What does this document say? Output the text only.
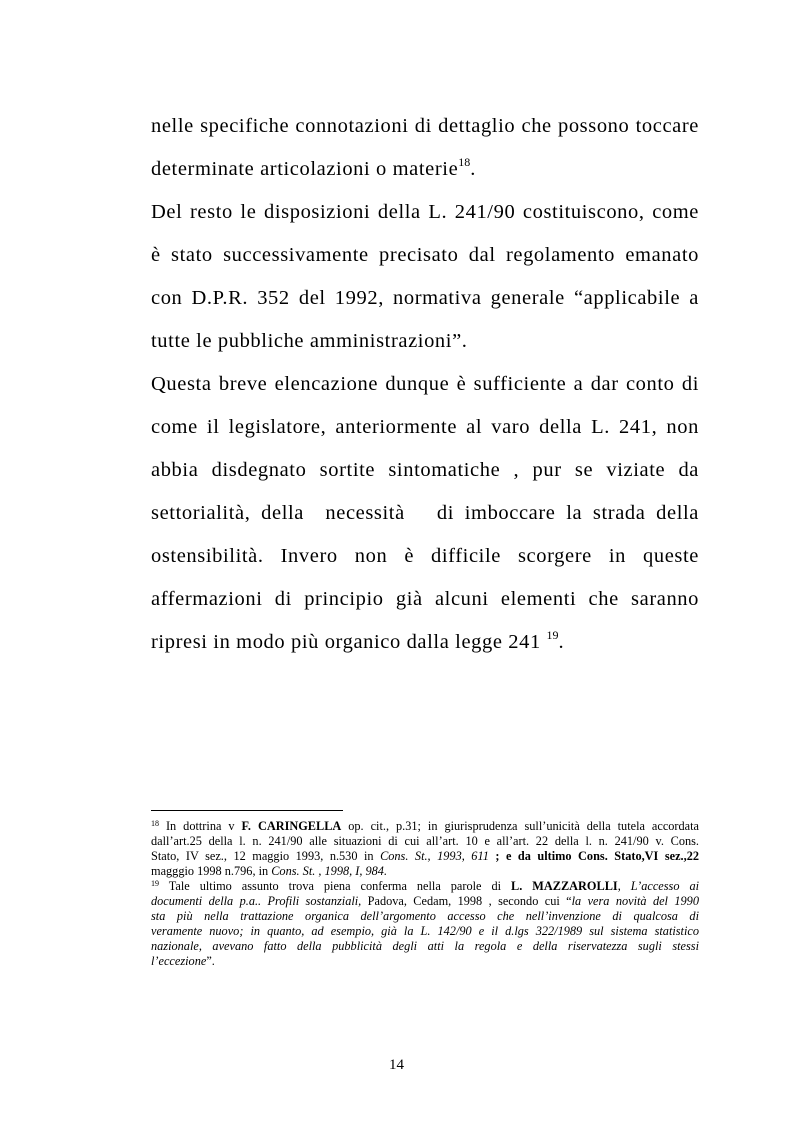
nelle specifiche connotazioni di dettaglio che possono toccare
determinate articolazioni o materie$^{18}$.
Del resto le disposizioni della L. 241/90 costituiscono, come
è stato successivamente precisato dal regolamento emanato
con D.P.R. 352 del 1992, normativa generale “applicabile a
tutte le pubbliche amministrazioni”.
Questa breve elencazione dunque è sufficiente a dar conto di
come il legislatore, anteriormente al varo della L. 241, non
abbia disdegnato sortite sintomatiche , pur se viziate da
settorialità, della  necessità   di imboccare la strada della
ostensibilità. Invero non è difficile scorgere in queste
affermazioni di principio già alcuni elementi che saranno
ripresi in modo più organico dalla legge 241 $^{19}$.
$^{18}$ In dottrina v F. CARINGELLA op. cit., p.31; in giurisprudenza sull’unicità della tutela accordata
dall’art.25 della l. n. 241/90 alle situazioni di cui all’art. 10 e all’art. 22 della l. n. 241/90 v. Cons.
Stato, IV sez., 12 maggio 1993, n.530 in Cons. St., 1993, 611 ; e da ultimo Cons. Stato,VI sez.,22
magggio 1998 n.796, in Cons. St. , 1998, I, 984.
$^{19}$ Tale ultimo assunto trova piena conferma nella parole di L. MAZZAROLLI, L’accesso ai
documenti della p.a.. Profili sostanziali, Padova, Cedam, 1998 , secondo cui “la vera novità del 1990
sta più nella trattazione organica dell’argomento accesso che nell’invenzione di qualcosa di
veramente nuovo; in quanto, ad esempio, già la L. 142/90 e il d.lgs 322/1989 sul sistema statistico
nazionale, avevano fatto della pubblicità degli atti la regola e della riservatezza sugli stessi
l’eccezione”.
14
